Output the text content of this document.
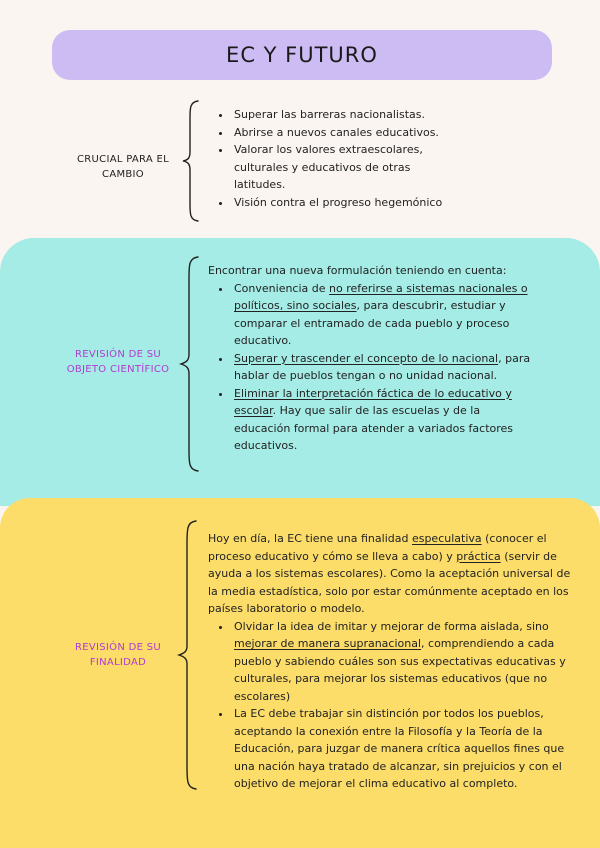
EC Y FUTURO
CRUCIAL PARA EL CAMBIO
• Superar las barreras nacionalistas.
• Abrirse a nuevos canales educativos.
• Valorar los valores extraescolares, culturales y educativos de otras latitudes.
• Visión contra el progreso hegemónico
REVISIÓN DE SU
OBJETO CIENTÍFICO

Encontrar una nueva formulación teniendo en cuenta:

• Conveniencia de no referirse a sistemas nacionales o políticos, sino sociales, para descubrir, estudiar y comparar el entramado de cada pueblo y proceso educativo.
• Superar y trascender el concepto de lo nacional, para hablar de pueblos tengan o no unidad nacional.
• Eliminar la interpretación fáctica de lo educativo y escolar. Hay que salir de las escuelas y de la educación formal para atender a variados factores educativos.
REVISIÓN DE SU
FINALIDAD

Hoy en día, la EC tiene una finalidad especulativa (conocer el proceso educativo y cómo se lleva a cabo) y práctica (servir de ayuda a los sistemas escolares). Como la aceptación universal de la media estadística, solo por estar comúnmente aceptado en los países laboratorio o modelo.

• Olvidar la idea de imitar y mejorar de forma aislada, sino mejorar de manera supranacional, comprendiendo a cada pueblo y sabiendo cuáles son sus expectativas educativas y culturales, para mejorar los sistemas educativos (que no escolares)
• La EC debe trabajar sin distinción por todos los pueblos, aceptando la conexión entre la Filosofía y la Teoría de la Educación, para juzgar de manera crítica aquellos fines que una nación haya tratado de alcanzar, sin prejuicios y con el objetivo de mejorar el clima educativo al completo.
